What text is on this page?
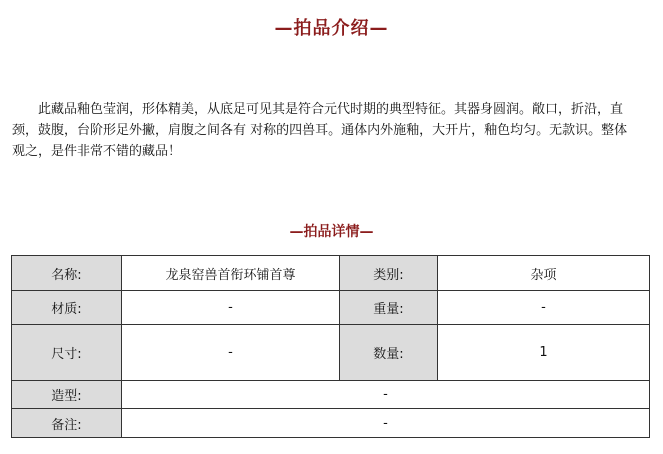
—拍品介绍—
此藏品釉色莹润，形体精美，从底足可见其是符合元代时期的典型特征。其器身圆润。敞口，折沿，直颈，鼓腹，台阶形足外撇，肩腹之间各有 对称的四兽耳。通体内外施釉，大开片，釉色均匀。无款识。整体观之，是件非常不错的藏品！
—拍品详情—
名称:	龙泉窑兽首衔环铺首尊	类别:	杂项
材质:	-	重量:	-
尺寸:	-	数量:	1
造型:	-		
备注:	-		
